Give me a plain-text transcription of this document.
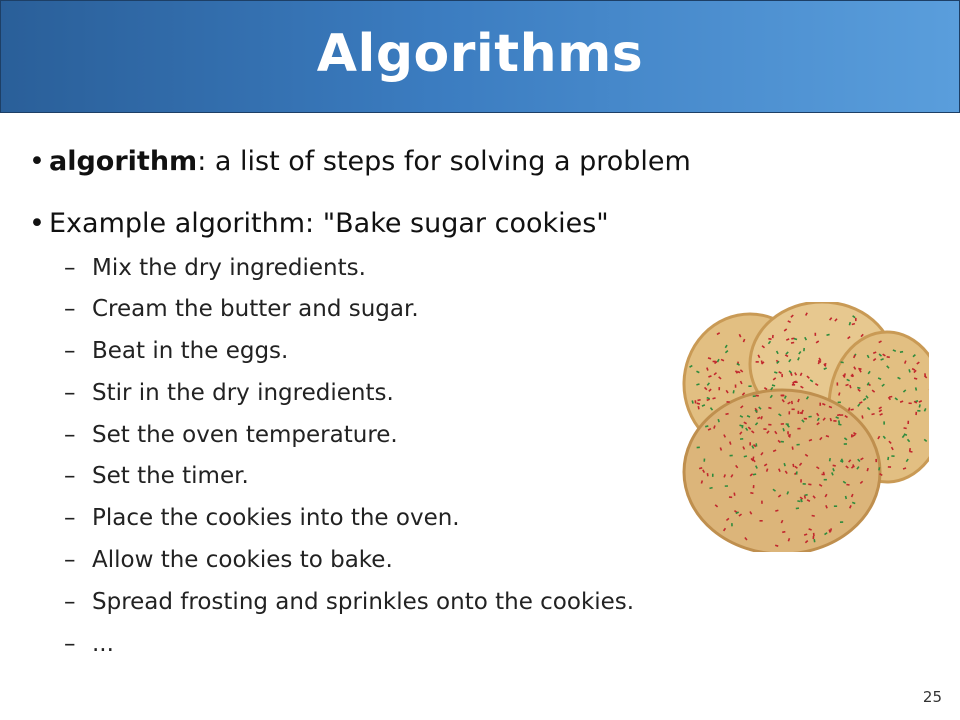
Algorithms
• algorithm: a list of steps for solving a problem
• Example algorithm: "Bake sugar cookies"
– Mix the dry ingredients.
– Cream the butter and sugar.
– Beat in the eggs.
– Stir in the dry ingredients.
– Set the oven temperature.
– Set the timer.
– Place the cookies into the oven.
– Allow the cookies to bake.
– Spread frosting and sprinkles onto the cookies.
– ...
25
